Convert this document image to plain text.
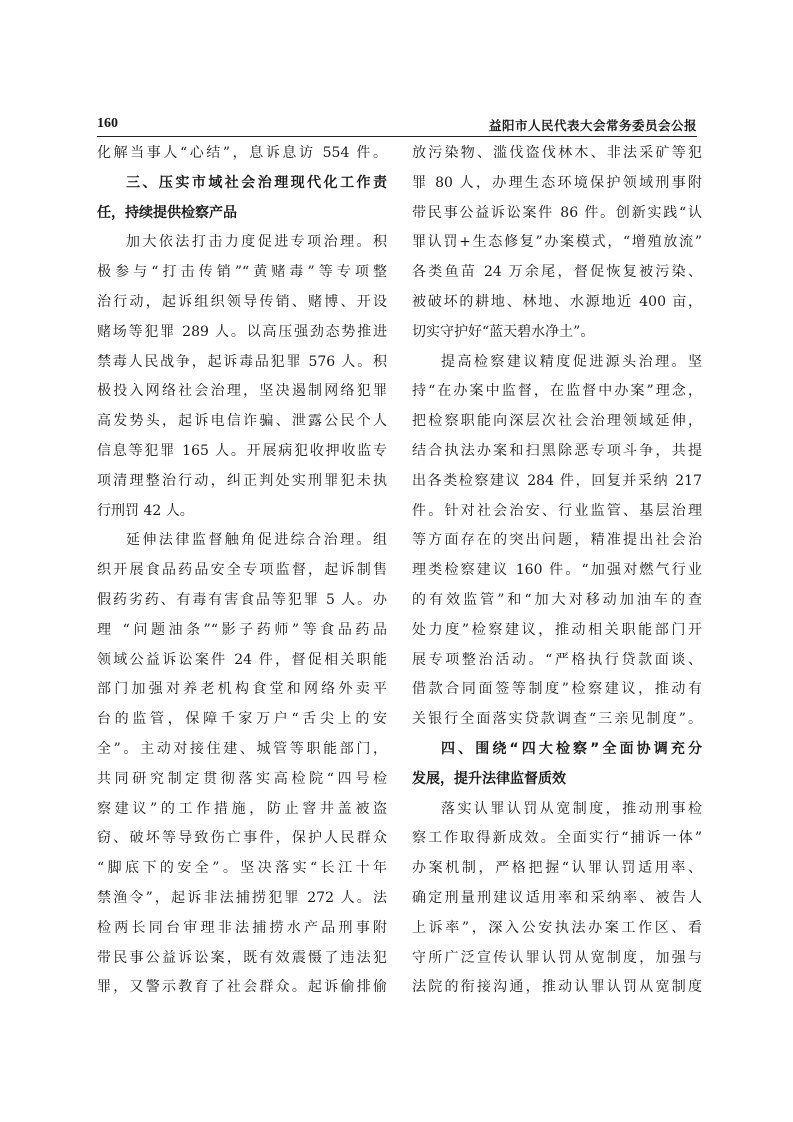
160	益阳市人民代表大会常务委员会公报
化解当事人“心结”，息诉息访 554 件。
三、压实市域社会治理现代化工作责
任，持续提供检察产品
加大依法打击力度促进专项治理。积
极参与“打击传销”“黄赌毒”等专项整
治行动，起诉组织领导传销、赌博、开设
赌场等犯罪 289 人。以高压强劲态势推进
禁毒人民战争，起诉毒品犯罪 576 人。积
极投入网络社会治理，坚决遏制网络犯罪
高发势头，起诉电信诈骗、泄露公民个人
信息等犯罪 165 人。开展病犯收押收监专
项清理整治行动，纠正判处实刑罪犯未执
行刑罚 42 人。
延伸法律监督触角促进综合治理。组
织开展食品药品安全专项监督，起诉制售
假药劣药、有毒有害食品等犯罪 5 人。办
理 “问题油条”“影子药师”等食品药品
领域公益诉讼案件 24 件，督促相关职能
部门加强对养老机构食堂和网络外卖平
台的监管，保障千家万户“舌尖上的安
全”。主动对接住建、城管等职能部门，
共同研究制定贯彻落实高检院“四号检
察建议”的工作措施，防止窨井盖被盗
窃、破坏等导致伤亡事件，保护人民群众
“脚底下的安全”。坚决落实“长江十年
禁渔令”，起诉非法捕捞犯罪 272 人。法
检两长同台审理非法捕捞水产品刑事附
带民事公益诉讼案，既有效震慑了违法犯
罪，又警示教育了社会群众。起诉偷排偷
放污染物、滥伐盗伐林木、非法采矿等犯
罪 80 人，办理生态环境保护领域刑事附
带民事公益诉讼案件 86 件。创新实践“认
罪认罚+生态修复”办案模式，“增殖放流”
各类鱼苗 24 万余尾，督促恢复被污染、
被破坏的耕地、林地、水源地近 400 亩，
切实守护好“蓝天碧水净土”。
提高检察建议精度促进源头治理。坚
持“在办案中监督，在监督中办案”理念，
把检察职能向深层次社会治理领域延伸，
结合执法办案和扫黑除恶专项斗争，共提
出各类检察建议 284 件，回复并采纳 217
件。针对社会治安、行业监管、基层治理
等方面存在的突出问题，精准提出社会治
理类检察建议 160 件。“加强对燃气行业
的有效监管”和“加大对移动加油车的查
处力度”检察建议，推动相关职能部门开
展专项整治活动。“严格执行贷款面谈、
借款合同面签等制度”检察建议，推动有
关银行全面落实贷款调查“三亲见制度”。
四、围绕“四大检察”全面协调充分
发展，提升法律监督质效
落实认罪认罚从宽制度，推动刑事检
察工作取得新成效。全面实行“捕诉一体”
办案机制，严格把握“认罪认罚适用率、
确定刑量刑建议适用率和采纳率、被告人
上诉率”，深入公安执法办案工作区、看
守所广泛宣传认罪认罚从宽制度，加强与
法院的衔接沟通，推动认罪认罚从宽制度
